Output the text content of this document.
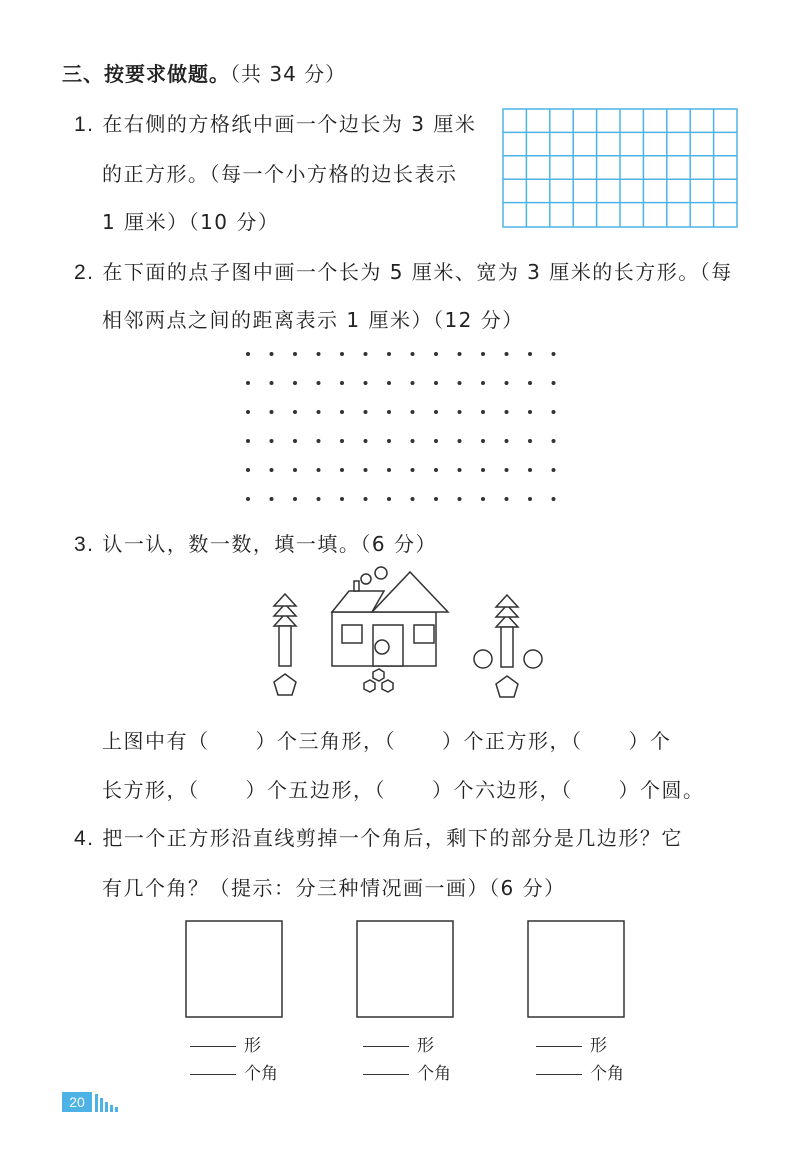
三、按要求做题。（共 34 分）
1. 在右侧的方格纸中画一个边长为 3 厘米
的正方形。（每一个小方格的边长表示
1 厘米）（10 分）
2. 在下面的点子图中画一个长为 5 厘米、宽为 3 厘米的长方形。（每
相邻两点之间的距离表示 1 厘米）（12 分）
3. 认一认，数一数，填一填。（6 分）
上图中有（ ）个三角形，（ ）个正方形，（ ）个
长方形，（ ）个五边形，（ ）个六边形，（ ）个圆。
4. 把一个正方形沿直线剪掉一个角后，剩下的部分是几边形？它
有几个角？（提示：分三种情况画一画）（6 分）
形
个角
形
个角
形
个角
20
